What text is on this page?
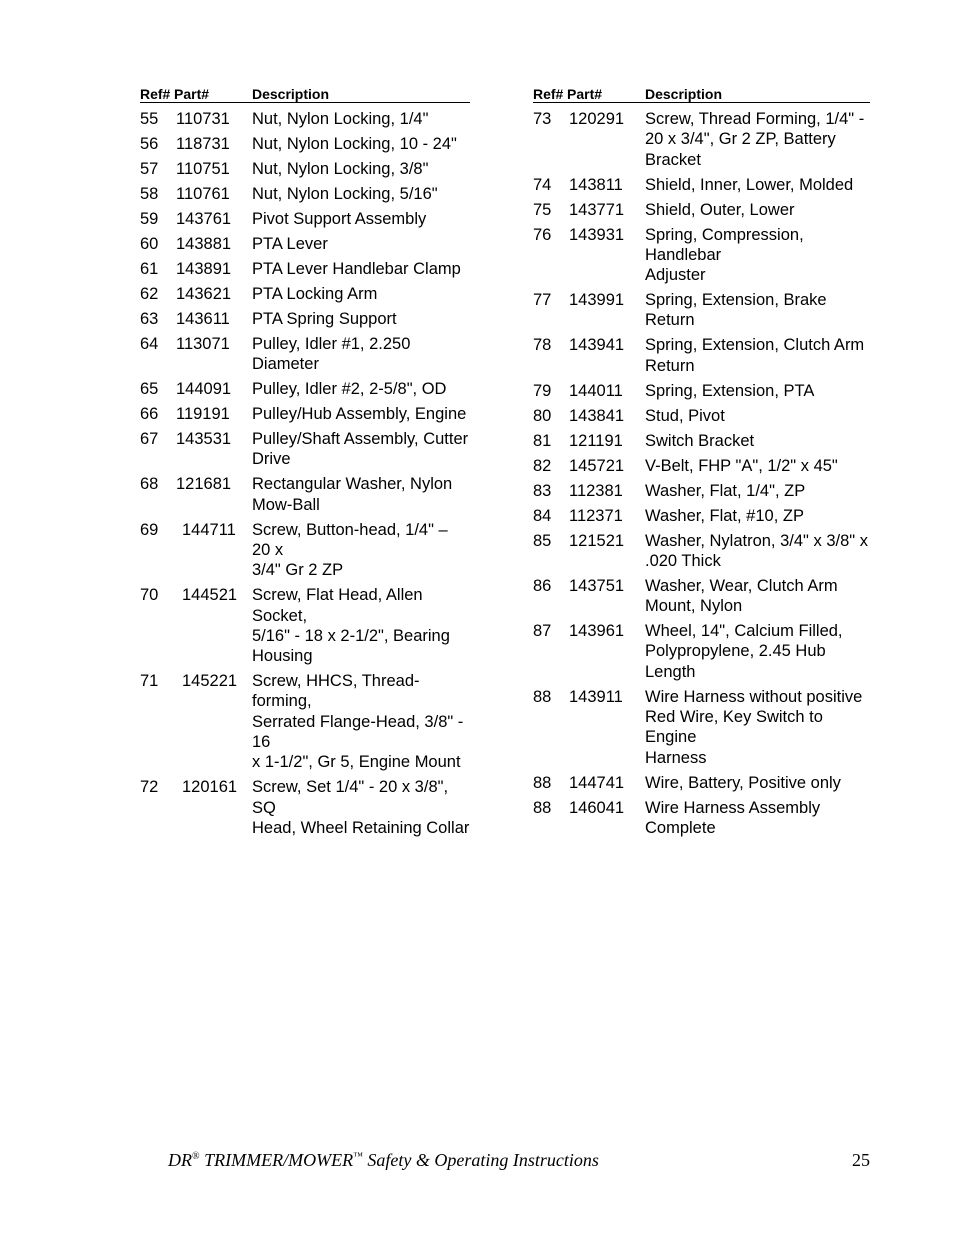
Ref# Part#	Description
55	110731	Nut, Nylon Locking, 1/4"
56	118731	Nut, Nylon Locking, 10 - 24"
57	110751	Nut, Nylon Locking, 3/8"
58	110761	Nut, Nylon Locking, 5/16"
59	143761	Pivot Support Assembly
60	143881	PTA Lever
61	143891	PTA Lever Handlebar Clamp
62	143621	PTA Locking Arm
63	143611	PTA Spring Support
64	113071	Pulley, Idler #1, 2.250 Diameter
65	144091	Pulley, Idler #2, 2-5/8", OD
66	119191	Pulley/Hub Assembly, Engine
67	143531	Pulley/Shaft Assembly, Cutter
Drive
68	121681	Rectangular Washer, Nylon
Mow-Ball
69	144711 Screw, Button-head, 1/4" – 20 x
3/4" Gr 2 ZP
70	144521 Screw, Flat Head, Allen Socket,
5/16" - 18 x 2-1/2", Bearing
Housing
71	145221 Screw, HHCS, Thread-forming,
Serrated Flange-Head, 3/8" - 16
x 1-1/2", Gr 5, Engine Mount
72	120161 Screw, Set 1/4" - 20 x 3/8", SQ
Head, Wheel Retaining Collar
Ref# Part#	Description
73	120291	Screw, Thread Forming, 1/4" -
20 x 3/4", Gr 2 ZP, Battery
Bracket
74	143811	Shield, Inner, Lower, Molded
75	143771	Shield, Outer, Lower
76	143931	Spring, Compression, Handlebar
Adjuster
77	143991	Spring, Extension, Brake Return
78	143941	Spring, Extension, Clutch Arm
Return
79	144011	Spring, Extension, PTA
80	143841	Stud, Pivot
81	121191	Switch Bracket
82	145721	V-Belt, FHP "A", 1/2" x 45"
83	112381	Washer, Flat, 1/4", ZP
84	112371	Washer, Flat, #10, ZP
85	121521	Washer, Nylatron, 3/4" x 3/8" x
.020 Thick
86	143751	Washer, Wear, Clutch Arm
Mount, Nylon
87	143961	Wheel, 14", Calcium Filled,
Polypropylene, 2.45 Hub Length
88	143911	Wire Harness without positive
Red Wire, Key Switch to Engine
Harness
88	144741	Wire, Battery, Positive only
88	146041	Wire Harness Assembly
Complete
DR® TRIMMER/MOWER™ Safety & Operating Instructions	25
